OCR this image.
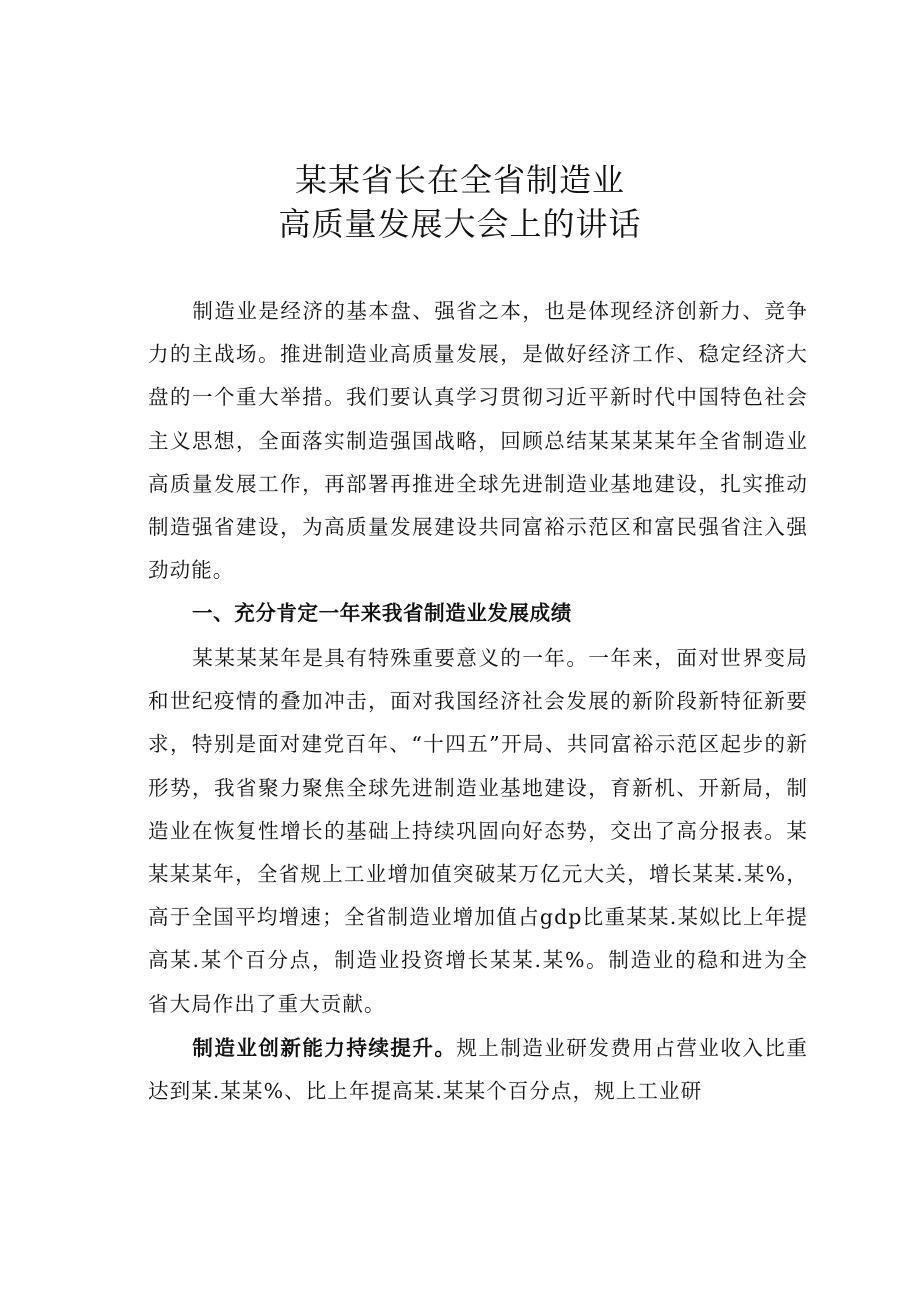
某某省长在全省制造业
高质量发展大会上的讲话
制造业是经济的基本盘、强省之本，也是体现经济创新力、竞争力的主战场。推进制造业高质量发展，是做好经济工作、稳定经济大盘的一个重大举措。我们要认真学习贯彻习近平新时代中国特色社会主义思想，全面落实制造强国战略，回顾总结某某某某年全省制造业高质量发展工作，再部署再推进全球先进制造业基地建设，扎实推动制造强省建设，为高质量发展建设共同富裕示范区和富民强省注入强劲动能。
一、充分肯定一年来我省制造业发展成绩
某某某某年是具有特殊重要意义的一年。一年来，面对世界变局和世纪疫情的叠加冲击，面对我国经济社会发展的新阶段新特征新要求，特别是面对建党百年、“十四五”开局、共同富裕示范区起步的新形势，我省聚力聚焦全球先进制造业基地建设，育新机、开新局，制造业在恢复性增长的基础上持续巩固向好态势，交出了高分报表。某某某某年，全省规上工业增加值突破某万亿元大关，增长某某.某%，高于全国平均增速；全省制造业增加值占gdp比重某某.某姒比上年提高某.某个百分点，制造业投资增长某某.某%。制造业的稳和进为全省大局作出了重大贡献。
制造业创新能力持续提升。规上制造业研发费用占营业收入比重达到某.某某%、比上年提高某.某某个百分点，规上工业研
